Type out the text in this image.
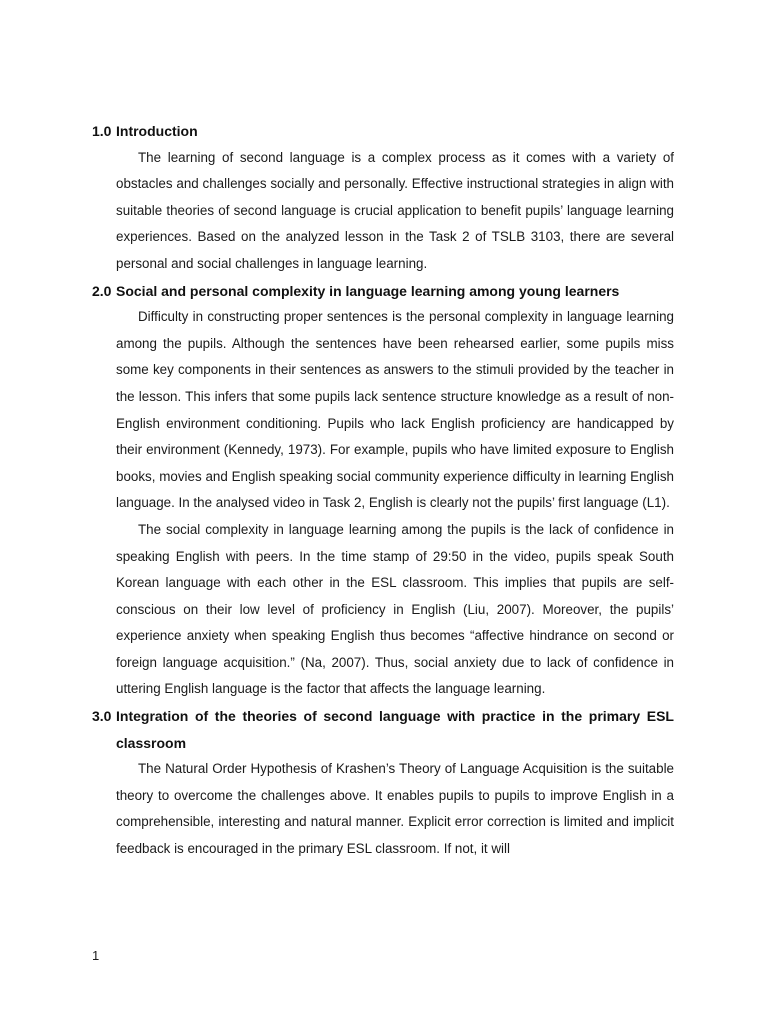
1.0 Introduction

The learning of second language is a complex process as it comes with a variety of obstacles and challenges socially and personally. Effective instructional strategies in align with suitable theories of second language is crucial application to benefit pupils’ language learning experiences. Based on the analyzed lesson in the Task 2 of TSLB 3103, there are several personal and social challenges in language learning.

2.0 Social and personal complexity in language learning among young learners

Difficulty in constructing proper sentences is the personal complexity in language learning among the pupils. Although the sentences have been rehearsed earlier, some pupils miss some key components in their sentences as answers to the stimuli provided by the teacher in the lesson. This infers that some pupils lack sentence structure knowledge as a result of non-English environment conditioning. Pupils who lack English proficiency are handicapped by their environment (Kennedy, 1973). For example, pupils who have limited exposure to English books, movies and English speaking social community experience difficulty in learning English language. In the analysed video in Task 2, English is clearly not the pupils’ first language (L1).

The social complexity in language learning among the pupils is the lack of confidence in speaking English with peers. In the time stamp of 29:50 in the video, pupils speak South Korean language with each other in the ESL classroom. This implies that pupils are self-conscious on their low level of proficiency in English (Liu, 2007). Moreover, the pupils’ experience anxiety when speaking English thus becomes “affective hindrance on second or foreign language acquisition.” (Na, 2007). Thus, social anxiety due to lack of confidence in uttering English language is the factor that affects the language learning.

3.0 Integration of the theories of second language with practice in the primary ESL classroom

The Natural Order Hypothesis of Krashen’s Theory of Language Acquisition is the suitable theory to overcome the challenges above. It enables pupils to pupils to improve English in a comprehensible, interesting and natural manner. Explicit error correction is limited and implicit feedback is encouraged in the primary ESL classroom. If not, it will

1
